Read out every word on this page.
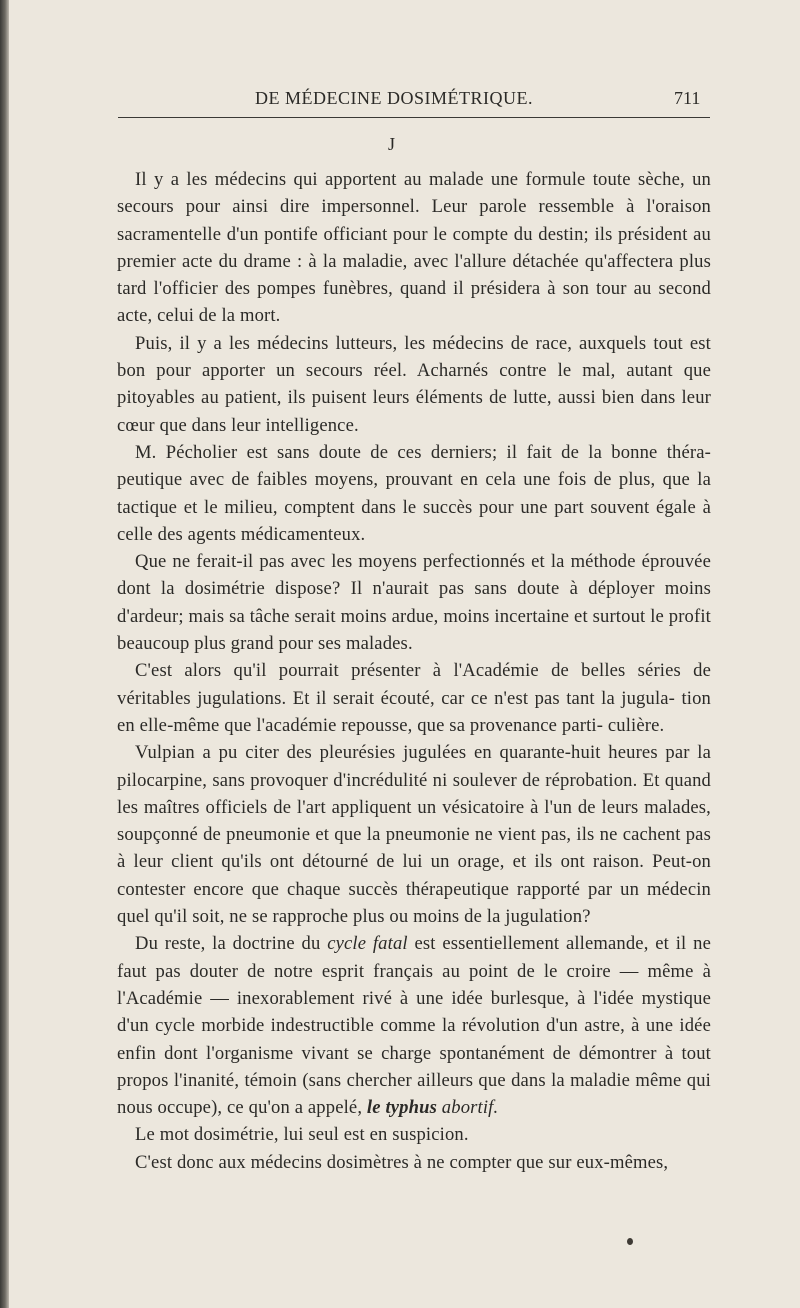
DE MÉDECINE DOSIMÉTRIQUE.	711
J

Il y a les médecins qui apportent au malade une formule toute sèche, un secours pour ainsi dire impersonnel. Leur parole ressemble à l'oraison sacramentelle d'un pontife officiant pour le compte du destin; ils président au premier acte du drame : à la maladie, avec l'allure détachée qu'affectera plus tard l'officier des pompes funèbres, quand il présidera à son tour au second acte, celui de la mort.

Puis, il y a les médecins lutteurs, les médecins de race, auxquels tout est bon pour apporter un secours réel. Acharnés contre le mal, autant que pitoyables au patient, ils puisent leurs éléments de lutte, aussi bien dans leur cœur que dans leur intelligence.

M. Pécholier est sans doute de ces derniers; il fait de la bonne théra- peutique avec de faibles moyens, prouvant en cela une fois de plus, que la tactique et le milieu, comptent dans le succès pour une part souvent égale à celle des agents médicamenteux.

Que ne ferait-il pas avec les moyens perfectionnés et la méthode éprouvée dont la dosimétrie dispose? Il n'aurait pas sans doute à déployer moins d'ardeur; mais sa tâche serait moins ardue, moins incertaine et surtout le profit beaucoup plus grand pour ses malades.

C'est alors qu'il pourrait présenter à l'Académie de belles séries de véritables jugulations. Et il serait écouté, car ce n'est pas tant la jugula- tion en elle-même que l'académie repousse, que sa provenance parti- culière.

Vulpian a pu citer des pleurésies jugulées en quarante-huit heures par la pilocarpine, sans provoquer d'incrédulité ni soulever de réprobation. Et quand les maîtres officiels de l'art appliquent un vésicatoire à l'un de leurs malades, soupçonné de pneumonie et que la pneumonie ne vient pas, ils ne cachent pas à leur client qu'ils ont détourné de lui un orage, et ils ont raison. Peut-on contester encore que chaque succès thérapeutique rapporté par un médecin quel qu'il soit, ne se rapproche plus ou moins de la jugulation?

Du reste, la doctrine du cycle fatal est essentiellement allemande, et il ne faut pas douter de notre esprit français au point de le croire — même à l'Académie — inexorablement rivé à une idée burlesque, à l'idée mystique d'un cycle morbide indestructible comme la révolution d'un astre, à une idée enfin dont l'organisme vivant se charge spontanément de démontrer à tout propos l'inanité, témoin (sans chercher ailleurs que dans la maladie même qui nous occupe), ce qu'on a appelé, le typhus abortif.

Le mot dosimétrie, lui seul est en suspicion.

C'est donc aux médecins dosimètres à ne compter que sur eux-mêmes,
